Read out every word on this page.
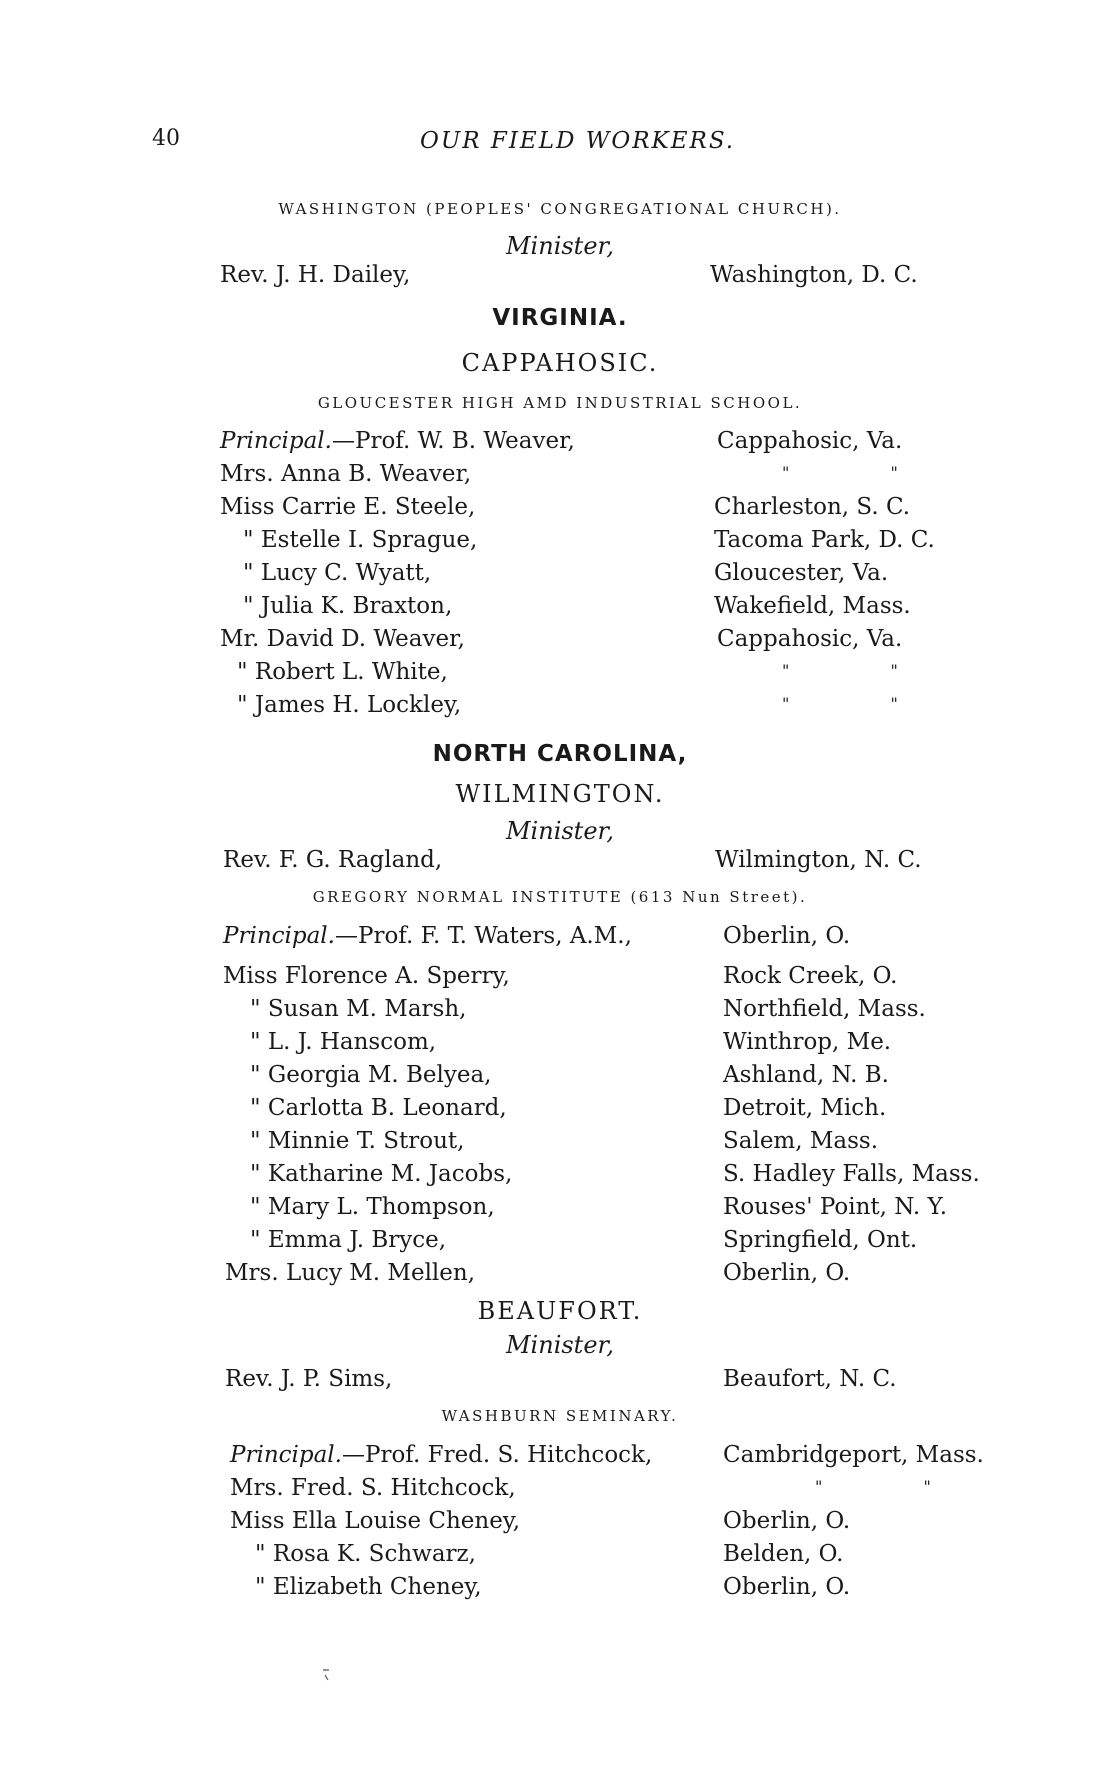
40	OUR FIELD WORKERS.
WASHINGTON (PEOPLES' CONGREGATIONAL CHURCH).
Minister,
Rev. J. H. Dailey,	Washington, D. C.
VIRGINIA.
CAPPAHOSIC.
GLOUCESTER HIGH AMD INDUSTRIAL SCHOOL.
Principal.—Prof. W. B. Weaver,	Cappahosic, Va.
Mrs. Anna B. Weaver,	" "
Miss Carrie E. Steele,	Charleston, S. C.
" Estelle I. Sprague,	Tacoma Park, D. C.
" Lucy C. Wyatt,	Gloucester, Va.
" Julia K. Braxton,	Wakefield, Mass.
Mr. David D. Weaver,	Cappahosic, Va.
" Robert L. White,	" "
" James H. Lockley,	" "
NORTH CAROLINA,
WILMINGTON.
Minister,
Rev. F. G. Ragland,	Wilmington, N. C.
GREGORY NORMAL INSTITUTE (613 Nun Street).
Principal.—Prof. F. T. Waters, A.M.,	Oberlin, O.
Miss Florence A. Sperry,	Rock Creek, O.
" Susan M. Marsh,	Northfield, Mass.
" L. J. Hanscom,	Winthrop, Me.
" Georgia M. Belyea,	Ashland, N. B.
" Carlotta B. Leonard,	Detroit, Mich.
" Minnie T. Strout,	Salem, Mass.
" Katharine M. Jacobs,	S. Hadley Falls, Mass.
" Mary L. Thompson,	Rouses' Point, N. Y.
" Emma J. Bryce,	Springfield, Ont.
Mrs. Lucy M. Mellen,	Oberlin, O.
BEAUFORT.
Minister,
Rev. J. P. Sims,	Beaufort, N. C.
WASHBURN SEMINARY.
Principal.—Prof. Fred. S. Hitchcock,	Cambridgeport, Mass.
Mrs. Fred. S. Hitchcock,	" "
Miss Ella Louise Cheney,	Oberlin, O.
" Rosa K. Schwarz,	Belden, O.
" Elizabeth Cheney,	Oberlin, O.
